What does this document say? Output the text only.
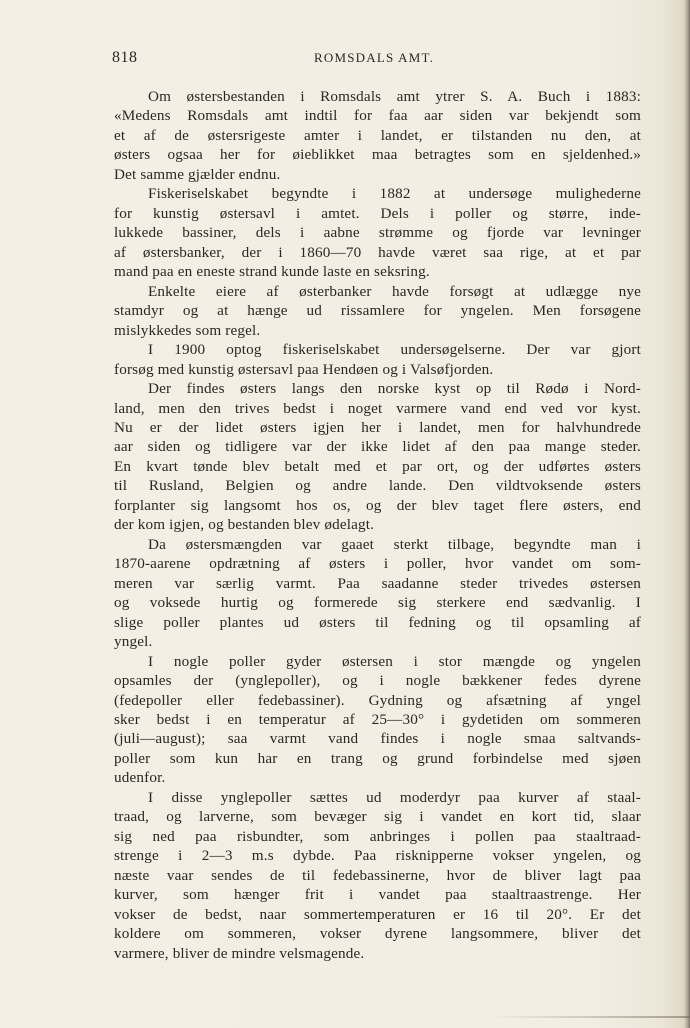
818	ROMSDALS AMT.
Om østersbestanden i Romsdals amt ytrer S. A. Buch i 1883:
«Medens Romsdals amt indtil for faa aar siden var bekjendt som
et af de østersrigeste amter i landet, er tilstanden nu den, at
østers ogsaa her for øieblikket maa betragtes som en sjeldenhed.»
Det samme gjælder endnu.
Fiskeriselskabet begyndte i 1882 at undersøge mulighederne
for kunstig østersavl i amtet. Dels i poller og større, inde-
lukkede bassiner, dels i aabne strømme og fjorde var levninger
af østersbanker, der i 1860—70 havde været saa rige, at et par
mand paa en eneste strand kunde laste en seksring.
Enkelte eiere af østerbanker havde forsøgt at udlægge nye
stamdyr og at hænge ud rissamlere for yngelen. Men forsøgene
mislykkedes som regel.
I 1900 optog fiskeriselskabet undersøgelserne. Der var gjort
forsøg med kunstig østersavl paa Hendøen og i Valsøfjorden.
Der findes østers langs den norske kyst op til Rødø i Nord-
land, men den trives bedst i noget varmere vand end ved vor kyst.
Nu er der lidet østers igjen her i landet, men for halvhundrede
aar siden og tidligere var der ikke lidet af den paa mange steder.
En kvart tønde blev betalt med et par ort, og der udførtes østers
til Rusland, Belgien og andre lande. Den vildtvoksende østers
forplanter sig langsomt hos os, og der blev taget flere østers, end
der kom igjen, og bestanden blev ødelagt.
Da østersmængden var gaaet sterkt tilbage, begyndte man i
1870-aarene opdrætning af østers i poller, hvor vandet om som-
meren var særlig varmt. Paa saadanne steder trivedes østersen
og voksede hurtig og formerede sig sterkere end sædvanlig. I
slige poller plantes ud østers til fedning og til opsamling af
yngel.
I nogle poller gyder østersen i stor mængde og yngelen
opsamles der (ynglepoller), og i nogle bækkener fedes dyrene
(fedepoller eller fedebassiner). Gydning og afsætning af yngel
sker bedst i en temperatur af 25—30° i gydetiden om sommeren
(juli—august); saa varmt vand findes i nogle smaa saltvands-
poller som kun har en trang og grund forbindelse med sjøen
udenfor.
I disse ynglepoller sættes ud moderdyr paa kurver af staal-
traad, og larverne, som bevæger sig i vandet en kort tid, slaar
sig ned paa risbundter, som anbringes i pollen paa staaltraad-
strenge i 2—3 m.s dybde. Paa risknipperne vokser yngelen, og
næste vaar sendes de til fedebassinerne, hvor de bliver lagt paa
kurver, som hænger frit i vandet paa staaltraastrenge. Her
vokser de bedst, naar sommertemperaturen er 16 til 20°. Er det
koldere om sommeren, vokser dyrene langsommere, bliver det
varmere, bliver de mindre velsmagende.
